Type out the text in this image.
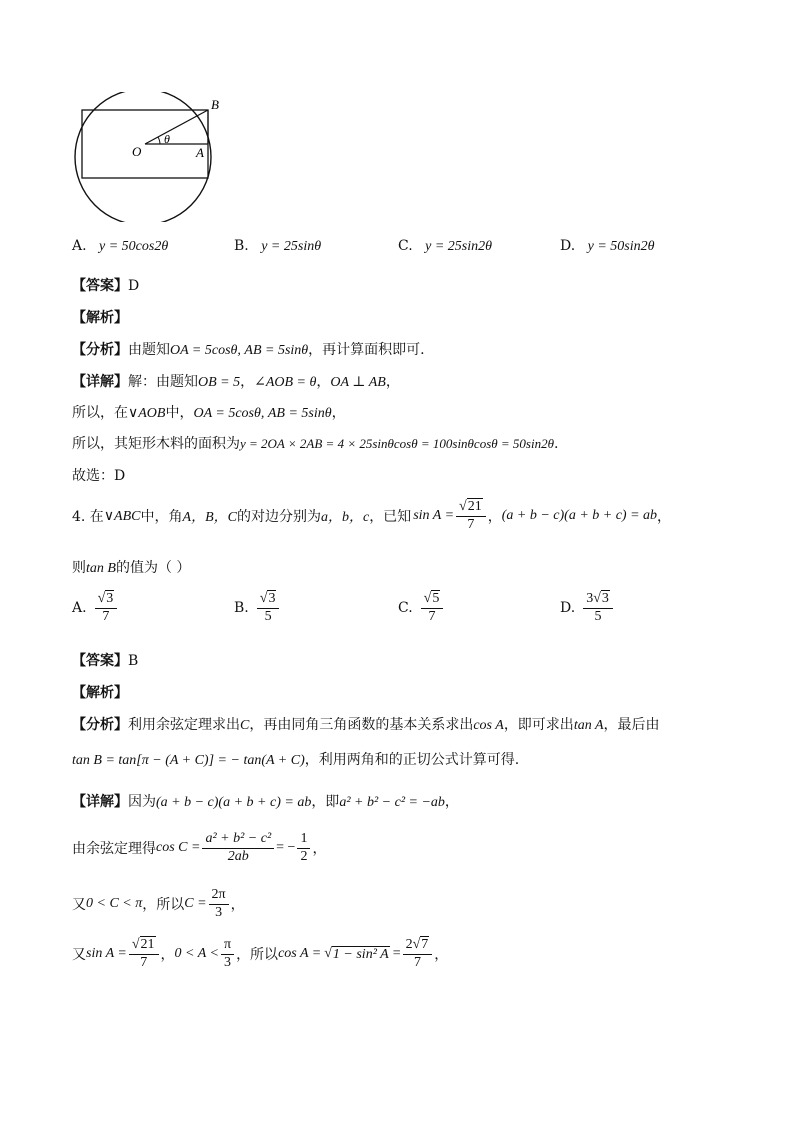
B
O	A
θ
A. y = 50cos2θ	B. y = 25sinθ	C. y = 25sin2θ	D. y = 50sin2θ
【答案】D
【解析】
【分析】由题知OA = 5cosθ, AB = 5sinθ，再计算面积即可.
【详解】解：由题知OB = 5，∠AOB = θ，OA ⊥ AB，
所以，在∨AOB中，OA = 5cosθ, AB = 5sinθ，
所以，其矩形木料的面积为y = 2OA × 2AB = 4 × 25sinθcosθ = 100sinθcosθ = 50sin2θ.
故选：D
4. 在 ∨ABC 中，角 A，B，C 的对边分别为 a，b，c ，已知 $\sin A = \frac{√21}{7}$ ， (a + b − c)(a + b + c) = ab ，
则tan B的值为（ ）
A. $\frac{√3}{7}$	B. $\frac{√3}{5}$	C. $\frac{√5}{7}$	D. $\frac{3√3}{5}$
【答案】B
【解析】
【分析】利用余弦定理求出C，再由同角三角函数的基本关系求出cos A，即可求出tan A，最后由
tan B = tan[π − (A + C)] = − tan(A + C)，利用两角和的正切公式计算可得.
【详解】因为(a + b − c)(a + b + c) = ab，即a² + b² − c² = −ab，
由余弦定理得 $\cos C = \frac{\text{a² + b² − c²}}{2ab}$ = − $\frac{1}{2}$ ，
又 0 < C < π ，所以 $C = \frac{2\pi}{3}$ ，
又 $\sin A = \frac{√21}{7}$ ， $0 < A < \frac{\pi}{3}$ ，所以 cos A = √ 1 − sin² $A = \frac{2√7}{7}$ ，
